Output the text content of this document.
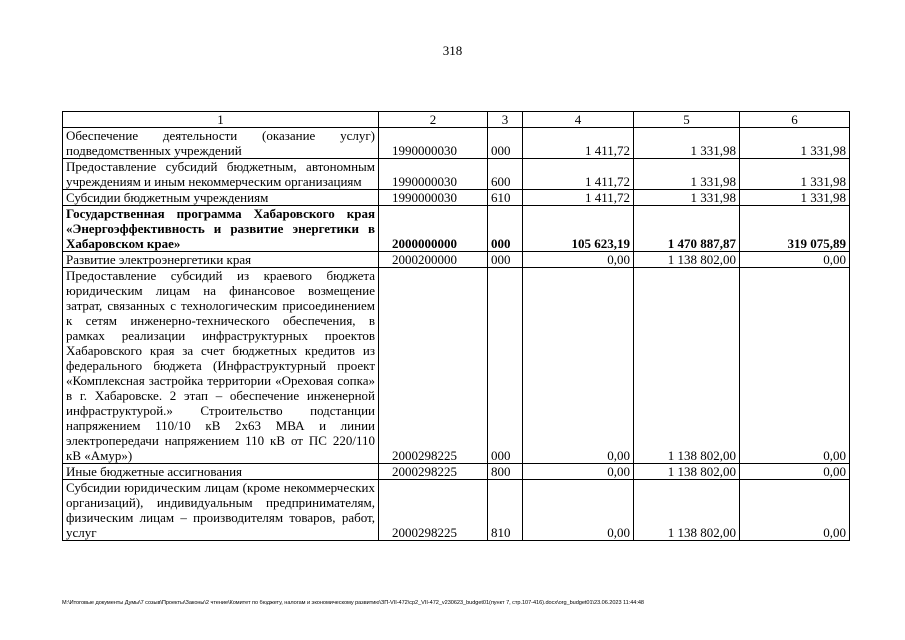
318
1	2	3	4	5	6
Обеспечение деятельности (оказание услуг) подведомственных учреждений	1990000030	000	1 411,72	1 331,98	1 331,98
Предоставление субсидий бюджетным, автономным учреждениям и иным некоммерческим организациям	1990000030	600	1 411,72	1 331,98	1 331,98
Субсидии бюджетным учреждениям	1990000030	610	1 411,72	1 331,98	1 331,98
Государственная программа Хабаровского края «Энергоэффективность и развитие энергетики в Хабаровском крае»	2000000000	000	105 623,19	1 470 887,87	319 075,89
Развитие электроэнергетики края	2000200000	000	0,00	1 138 802,00	0,00
Предоставление субсидий из краевого бюджета юридическим лицам на финансовое возмещение затрат, связанных с технологическим присоединением к сетям инженерно-технического обеспечения, в рамках реализации инфраструктурных проектов Хабаровского края за счет бюджетных кредитов из федерального бюджета (Инфраструктурный проект «Комплексная застройка территории «Ореховая сопка» в г. Хабаровске. 2 этап – обеспечение инженерной инфраструктурой.» Строительство подстанции напряжением 110/10 кВ 2х63 МВА и линии электропередачи напряжением 110 кВ от ПС 220/110 кВ «Амур»)	2000298225	000	0,00	1 138 802,00	0,00
Иные бюджетные ассигнования	2000298225	800	0,00	1 138 802,00	0,00
Субсидии юридическим лицам (кроме некоммерческих организаций), индивидуальным предпринимателям, физическим лицам – производителям товаров, работ, услуг	2000298225	810	0,00	1 138 802,00	0,00
M:\Итоговые документы Думы\7 созыв\Проекты\Законы\2 чтение\Комитет по бюджету, налогам и экономическому развитию\ЗП-VII-472\ср2_VII-472_v230623_budget01(пункт 7, стр.107-416).docx\org_budget01\23.06.2023 11:44:48
